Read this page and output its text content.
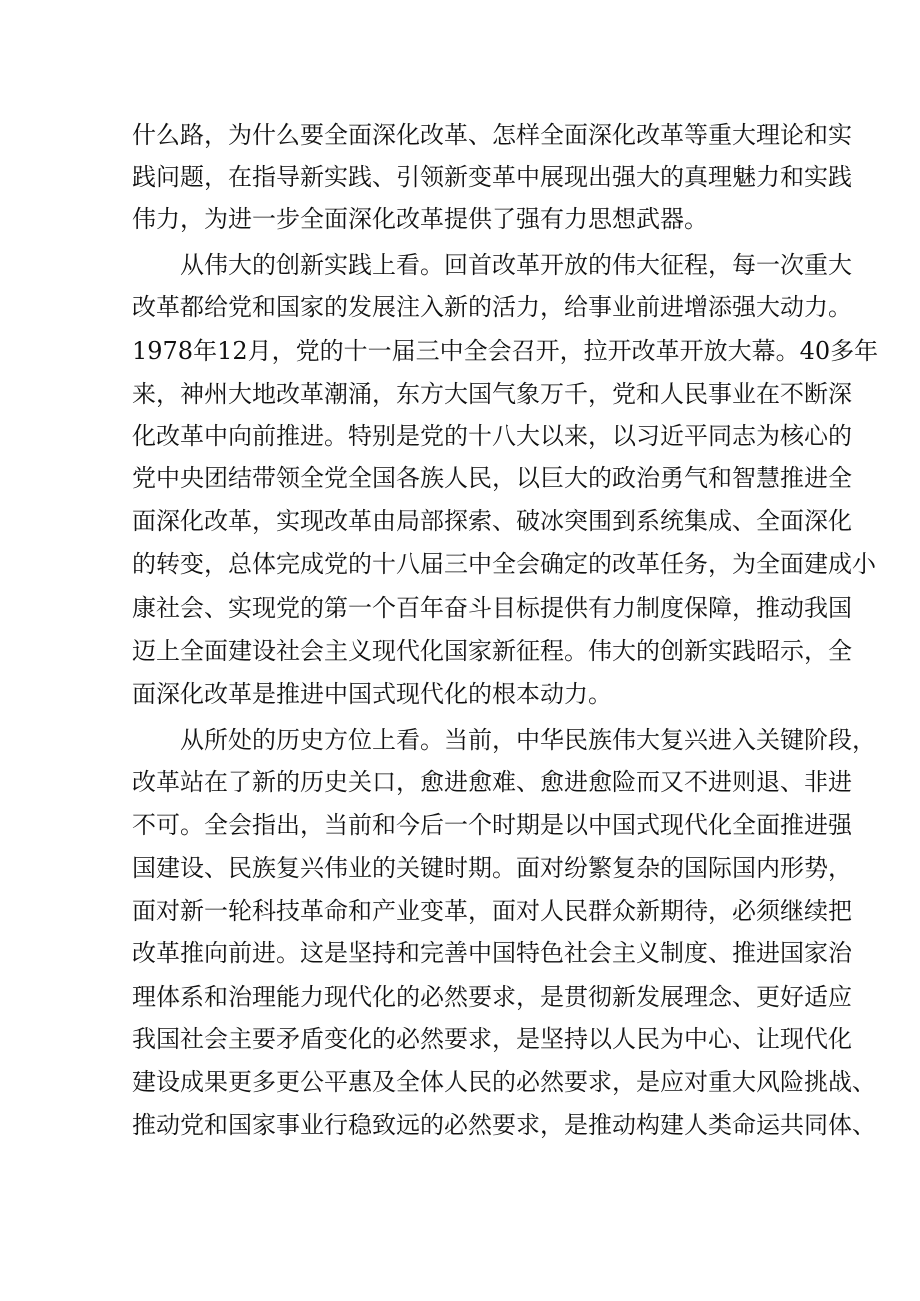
什么路，为什么要全面深化改革、怎样全面深化改革等重大理论和实
践问题，在指导新实践、引领新变革中展现出强大的真理魅力和实践
伟力，为进一步全面深化改革提供了强有力思想武器。
从伟大的创新实践上看。回首改革开放的伟大征程，每一次重大
改革都给党和国家的发展注入新的活力，给事业前进增添强大动力。
1978年12月，党的十一届三中全会召开，拉开改革开放大幕。40多年
来，神州大地改革潮涌，东方大国气象万千，党和人民事业在不断深
化改革中向前推进。特别是党的十八大以来，以习近平同志为核心的
党中央团结带领全党全国各族人民，以巨大的政治勇气和智慧推进全
面深化改革，实现改革由局部探索、破冰突围到系统集成、全面深化
的转变，总体完成党的十八届三中全会确定的改革任务，为全面建成小
康社会、实现党的第一个百年奋斗目标提供有力制度保障，推动我国
迈上全面建设社会主义现代化国家新征程。伟大的创新实践昭示，全
面深化改革是推进中国式现代化的根本动力。
从所处的历史方位上看。当前，中华民族伟大复兴进入关键阶段，
改革站在了新的历史关口，愈进愈难、愈进愈险而又不进则退、非进
不可。全会指出，当前和今后一个时期是以中国式现代化全面推进强
国建设、民族复兴伟业的关键时期。面对纷繁复杂的国际国内形势，
面对新一轮科技革命和产业变革，面对人民群众新期待，必须继续把
改革推向前进。这是坚持和完善中国特色社会主义制度、推进国家治
理体系和治理能力现代化的必然要求，是贯彻新发展理念、更好适应
我国社会主要矛盾变化的必然要求，是坚持以人民为中心、让现代化
建设成果更多更公平惠及全体人民的必然要求，是应对重大风险挑战、
推动党和国家事业行稳致远的必然要求，是推动构建人类命运共同体、
